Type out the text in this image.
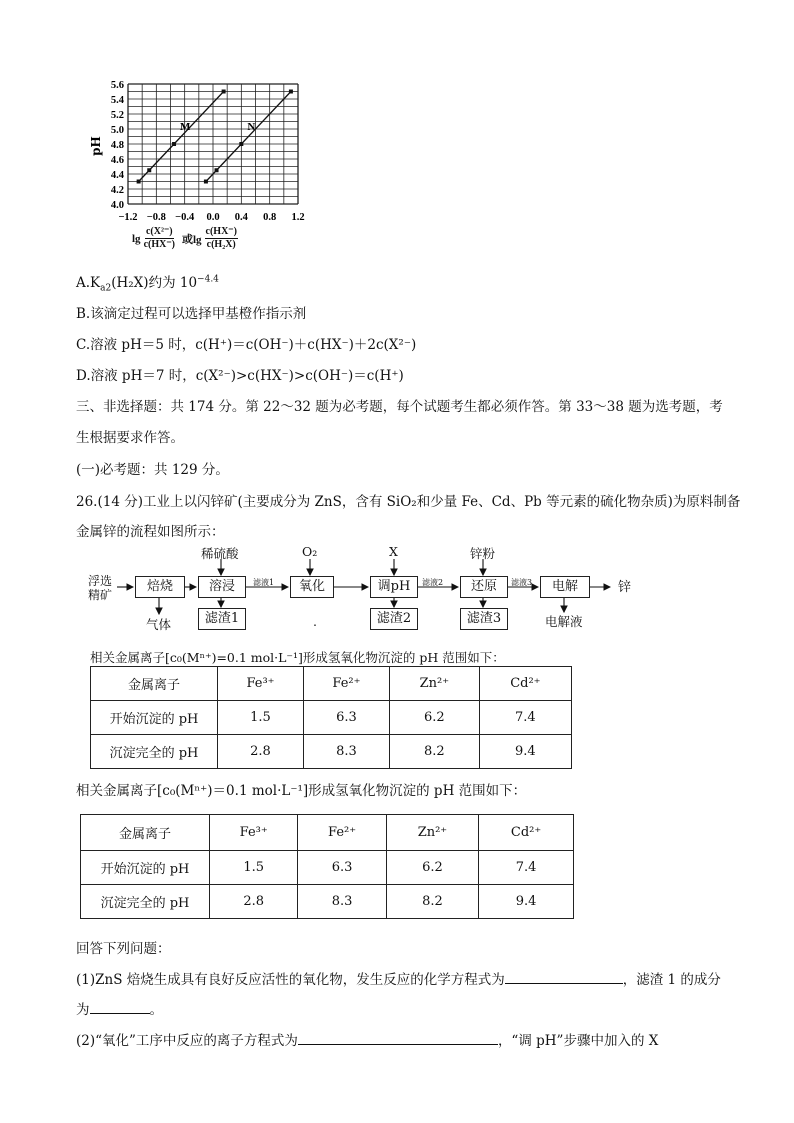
4.0
4.2
4.4
4.6
4.8
5.0
5.2
5.4
5.6
−1.2 −0.8 −0.4 0.0 0.4 0.8 1.2
M	N
pH
$\lg \frac{\text{c(X²⁻)}}{c(HX^-)}$ 或$\lg \frac{c(HX^-)}{\text{c(H₂X)}}$
$A.K_{a2}(H_2X)$约为 $10^{-4.4}$
B.该滴定过程可以选择甲基橙作指示剂
C.溶液 pH＝5 时，c(H⁺)＝c(OH⁻)＋c(HX⁻)＋2c(X²⁻)
D.溶液 pH＝7 时，c(X²⁻)>c(HX⁻)>c(OH⁻)＝c(H⁺)
三、非选择题：共 174 分。第 22～32 题为必考题，每个试题考生都必须作答。第 33～38 题为选考题，考
生根据要求作答。
(一)必考题：共 129 分。
26.(14 分)工业上以闪锌矿(主要成分为 ZnS，含有 SiO₂和少量 Fe、Cd、Pb 等元素的硫化物杂质)为原料制备
金属锌的流程如图所示：
浮选
精矿
焙烧	溶浸	氧化	调pH	还原	电解
稀硫酸	O₂	X	锌粉
滤液1	滤液2	滤液3	锌
气体	滤渣1	滤渣2	滤渣3	电解液
.
相关金属离子[c₀(Mⁿ⁺)=0.1 mol·L⁻¹]形成氢氧化物沉淀的 pH 范围如下：
金属离子	Fe³⁺	Fe²⁺	Zn²⁺	Cd²⁺
开始沉淀的 pH	1.5	6.3	6.2	7.4
沉淀完全的 pH	2.8	8.3	8.2	9.4
相关金属离子[c₀(Mⁿ⁺)＝0.1 mol·L⁻¹]形成氢氧化物沉淀的 pH 范围如下：
金属离子	Fe³⁺	Fe²⁺	Zn²⁺	Cd²⁺
开始沉淀的 pH	1.5	6.3	6.2	7.4
沉淀完全的 pH	2.8	8.3	8.2	9.4
回答下列问题：
(1)ZnS 焙烧生成具有良好反应活性的氧化物，发生反应的化学方程式为	，滤渣 1 的成分
为	。
(2)“氧化”工序中反应的离子方程式为	，“调 pH”步骤中加入的 X
